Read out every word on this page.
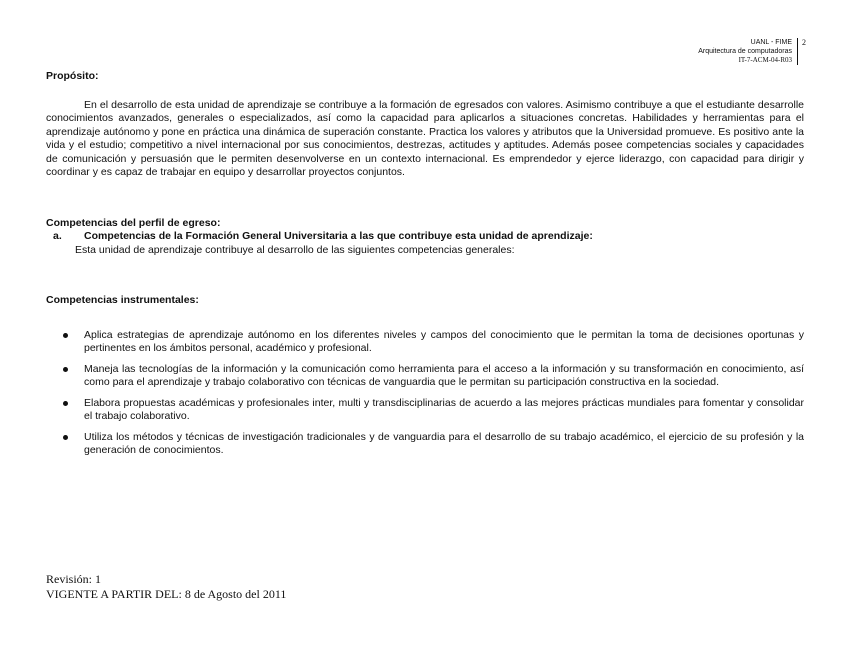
UANL - FIME
Arquitectura de computadoras
IT-7-ACM-04-R03
2

Propósito:

En el desarrollo de esta unidad de aprendizaje se contribuye a la formación de egresados con valores. Asimismo contribuye a que el estudiante desarrolle conocimientos avanzados, generales o especializados, así como la capacidad para aplicarlos a situaciones concretas. Habilidades y herramientas para el aprendizaje autónomo y pone en práctica una dinámica de superación constante. Practica los valores y atributos que la Universidad promueve. Es positivo ante la vida y el estudio; competitivo a nivel internacional por sus conocimientos, destrezas, actitudes y aptitudes. Además posee competencias sociales y capacidades de comunicación y persuasión que le permiten desenvolverse en un contexto internacional. Es emprendedor y ejerce liderazgo, con capacidad para dirigir y coordinar y es capaz de trabajar en equipo y desarrollar proyectos conjuntos.

Competencias del perfil de egreso:

a.	Competencias de la Formación General Universitaria a las que contribuye esta unidad de aprendizaje:

Esta unidad de aprendizaje contribuye al desarrollo de las siguientes competencias generales:

Competencias instrumentales:

Aplica estrategias de aprendizaje autónomo en los diferentes niveles y campos del conocimiento que le permitan la toma de decisiones oportunas y pertinentes en los ámbitos personal, académico y profesional.
Maneja las tecnologías de la información y la comunicación como herramienta para el acceso a la información y su transformación en conocimiento, así como para el aprendizaje y trabajo colaborativo con técnicas de vanguardia que le permitan su participación constructiva en la sociedad.
Elabora propuestas académicas y profesionales inter, multi y transdisciplinarias de acuerdo a las mejores prácticas mundiales para fomentar y consolidar el trabajo colaborativo.
Utiliza los métodos y técnicas de investigación tradicionales y de vanguardia para el desarrollo de su trabajo académico, el ejercicio de su profesión y la generación de conocimientos.
Revisión: 1
VIGENTE A PARTIR DEL: 8 de Agosto del 2011
